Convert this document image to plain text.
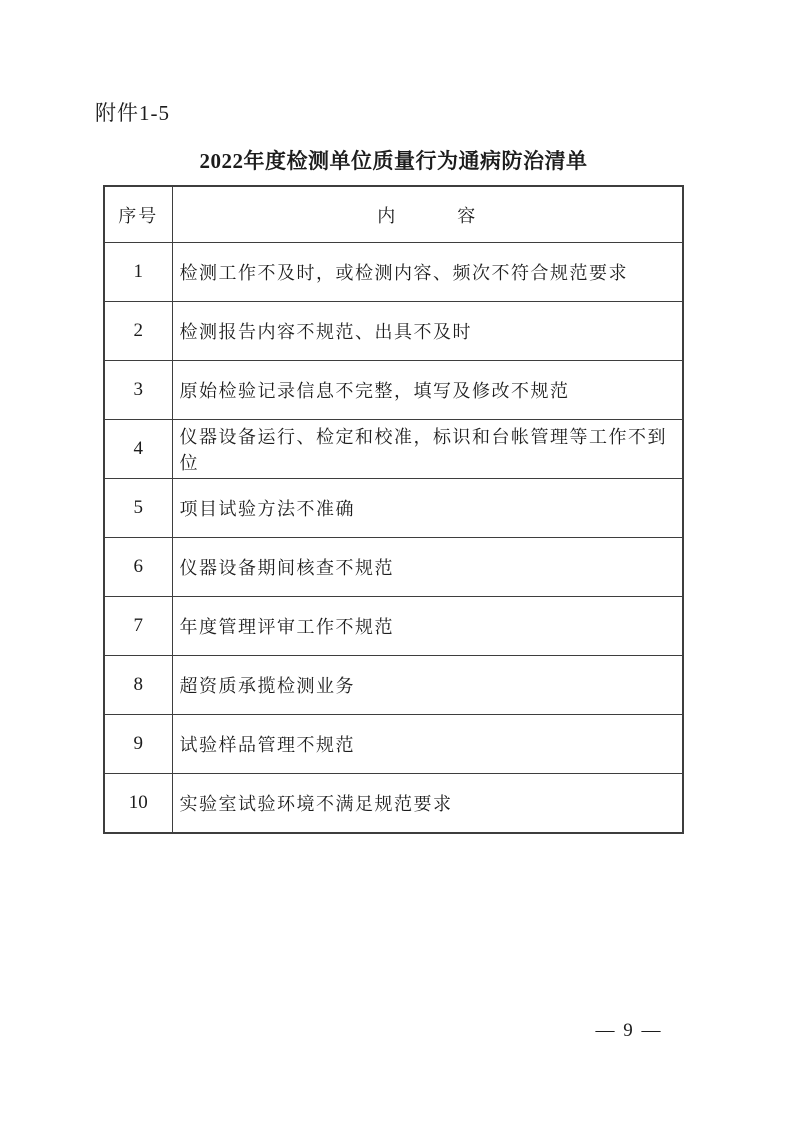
附件1-5
2022年度检测单位质量行为通病防治清单
序号	内　　　容
1	检测工作不及时，或检测内容、频次不符合规范要求
2	检测报告内容不规范、出具不及时
3	原始检验记录信息不完整，填写及修改不规范
4	仪器设备运行、检定和校准，标识和台帐管理等工作不到位
5	项目试验方法不准确
6	仪器设备期间核查不规范
7	年度管理评审工作不规范
8	超资质承揽检测业务
9	试验样品管理不规范
10	实验室试验环境不满足规范要求
— 9 —
